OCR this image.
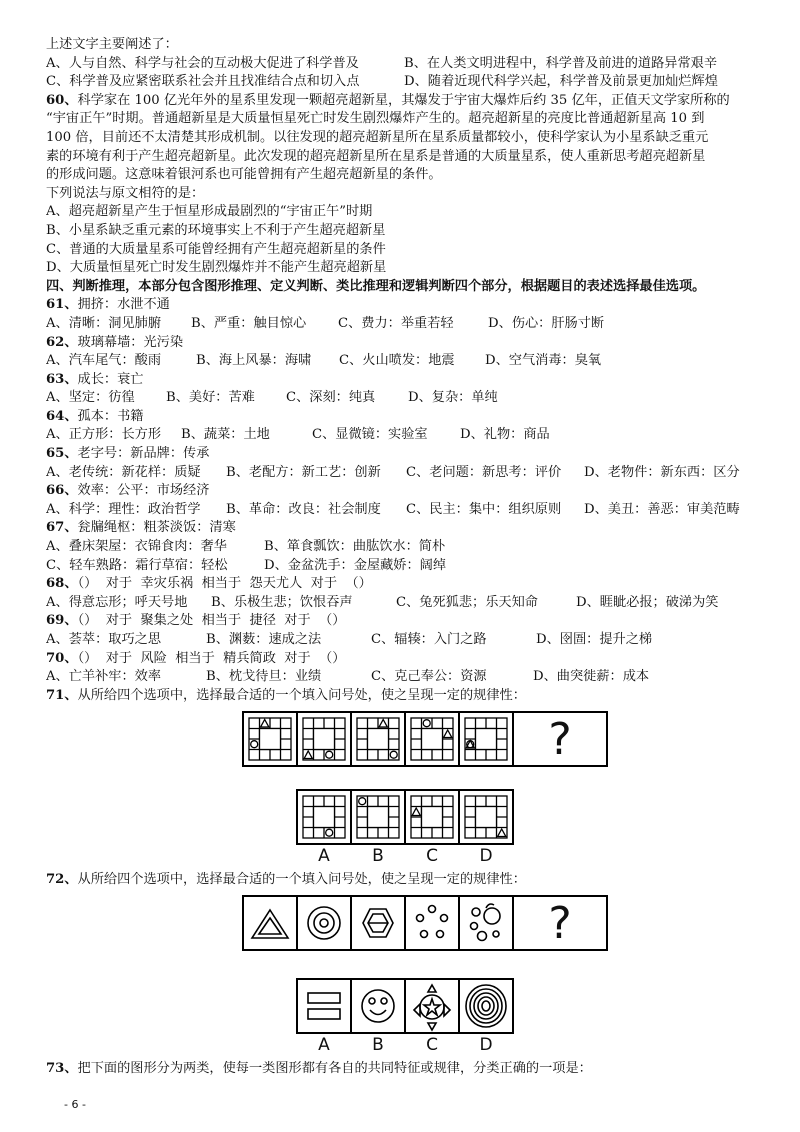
上述文字主要阐述了：
A、人与自然、科学与社会的互动极大促进了科学普及	B、在人类文明进程中，科学普及前进的道路异常艰辛
C、科学普及应紧密联系社会并且找准结合点和切入点	D、随着近现代科学兴起，科学普及前景更加灿烂辉煌
60、科学家在 100 亿光年外的星系里发现一颗超亮超新星，其爆发于宇宙大爆炸后约 35 亿年，正值天文学家所称的
“宇宙正午”时期。普通超新星是大质量恒星死亡时发生剧烈爆炸产生的。超亮超新星的亮度比普通超新星高 10 到
100 倍，目前还不太清楚其形成机制。以往发现的超亮超新星所在星系质量都较小，使科学家认为小星系缺乏重元
素的环境有利于产生超亮超新星。此次发现的超亮超新星所在星系是普通的大质量星系，使人重新思考超亮超新星
的形成问题。这意味着银河系也可能曾拥有产生超亮超新星的条件。
下列说法与原文相符的是：
A、超亮超新星产生于恒星形成最剧烈的“宇宙正午”时期
B、小星系缺乏重元素的环境事实上不利于产生超亮超新星
C、普通的大质量星系可能曾经拥有产生超亮超新星的条件
D、大质量恒星死亡时发生剧烈爆炸并不能产生超亮超新星
四、判断推理，本部分包含图形推理、定义判断、类比推理和逻辑判断四个部分，根据题目的表述选择最佳选项。
61、拥挤：水泄不通
A、清晰：洞见肺腑 B、严重：触目惊心 C、费力：举重若轻	D、伤心：肝肠寸断
62、玻璃幕墙：光污染
A、汽车尾气：酸雨	B、海上风暴：海啸 C、火山喷发：地震 D、空气消毒：臭氧
63、成长：衰亡
A、坚定：彷徨 B、美好：苦难 C、深刻：纯真 D、复杂：单纯
64、孤本：书籍
A、正方形：长方形 B、蔬菜：土地	C、显微镜：实验室 D、礼物：商品
65、老字号：新品牌：传承
A、老传统：新花样：质疑 B、老配方：新工艺：创新 C、老问题：新思考：评价 D、老物件：新东西：区分
66、效率：公平：市场经济
A、科学：理性：政治哲学 B、革命：改良：社会制度 C、民主：集中：组织原则 D、美丑：善恶：审美范畴
67、瓮牖绳枢：粗茶淡饭：清寒
A、叠床架屋：衣锦食肉：奢华	B、箪食瓢饮：曲肱饮水：简朴
C、轻车熟路：霜行草宿：轻松	D、金盆洗手：金屋藏娇：阔绰
68、（）  对于  幸灾乐祸  相当于  怨天尤人  对于  （）
A、得意忘形；呼天号地 B、乐极生悲；饮恨吞声	C、兔死狐悲；乐天知命	D、睚眦必报；破涕为笑
69、（）  对于  聚集之处  相当于  捷径  对于  （）
A、荟萃：取巧之思	B、渊薮：速成之法	C、辐辏：入门之路	D、囹圄：提升之梯
70、（）  对于  风险  相当于  精兵简政  对于  （）
A、亡羊补牢：效率	B、枕戈待旦：业绩	C、克己奉公：资源	D、曲突徙薪：成本
71、从所给四个选项中，选择最合适的一个填入问号处，使之呈现一定的规律性：
?
A	B	C	D
72、从所给四个选项中，选择最合适的一个填入问号处，使之呈现一定的规律性：
?
A	B	C	D
73、把下面的图形分为两类，使每一类图形都有各自的共同特征或规律，分类正确的一项是：
- 6 -
